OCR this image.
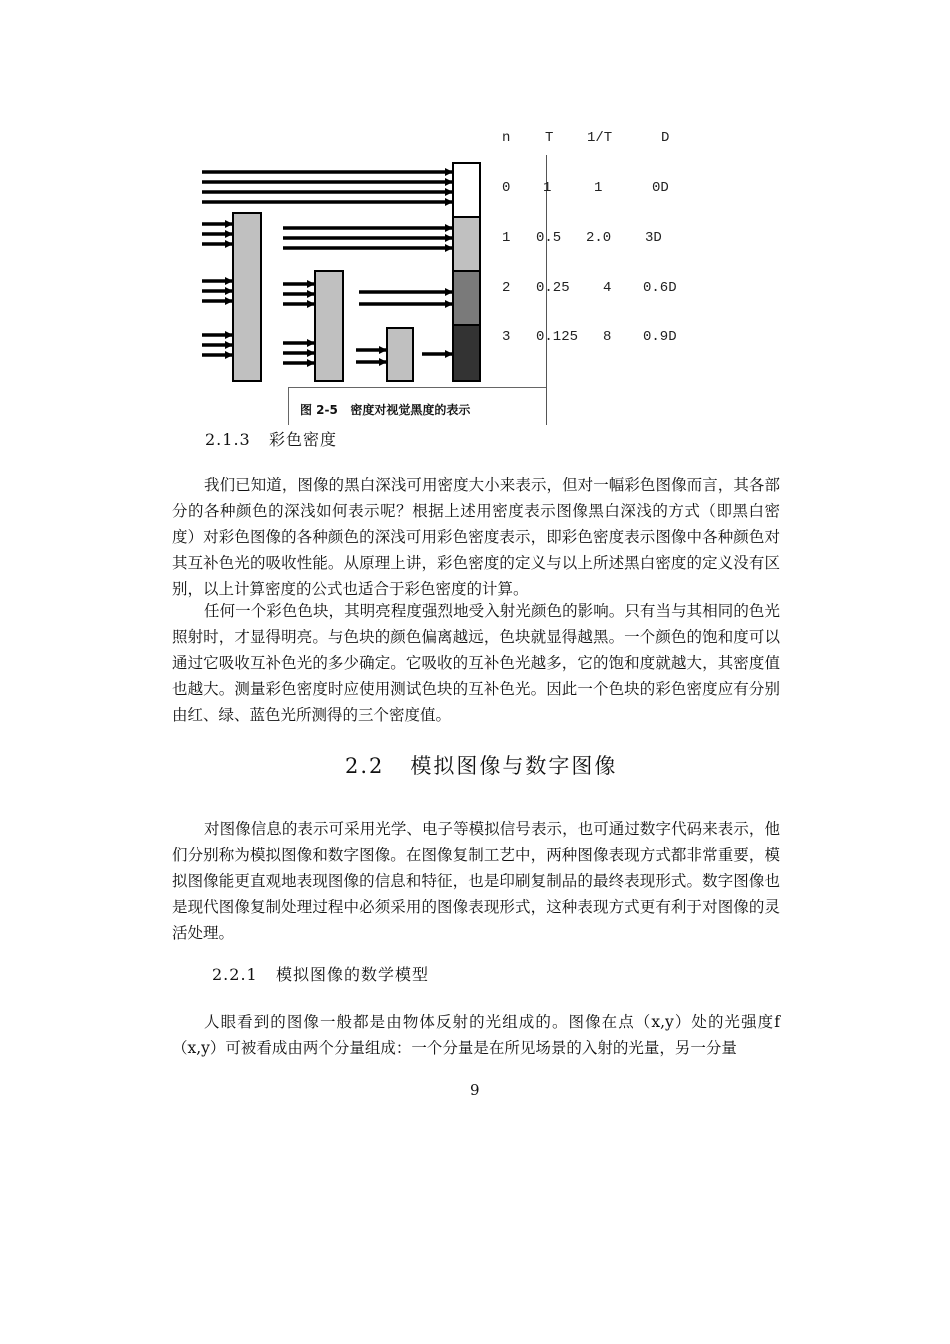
n T 1/T	D
0 1	1	0D
1 0.5 2.0 3D
2 0.25 4 0.6D
3 0.125 8 0.9D
图 2-5   密度对视觉黑度的表示
2.1.3   彩色密度

我们已知道，图像的黑白深浅可用密度大小来表示，但对一幅彩色图像而言，其各部分的各种颜色的深浅如何表示呢？根据上述用密度表示图像黑白深浅的方式（即黑白密度）对彩色图像的各种颜色的深浅可用彩色密度表示，即彩色密度表示图像中各种颜色对其互补色光的吸收性能。从原理上讲，彩色密度的定义与以上所述黑白密度的定义没有区别，以上计算密度的公式也适合于彩色密度的计算。

任何一个彩色色块，其明亮程度强烈地受入射光颜色的影响。只有当与其相同的色光照射时，才显得明亮。与色块的颜色偏离越远，色块就显得越黑。一个颜色的饱和度可以通过它吸收互补色光的多少确定。它吸收的互补色光越多，它的饱和度就越大，其密度值也越大。测量彩色密度时应使用测试色块的互补色光。因此一个色块的彩色密度应有分别由红、绿、蓝色光所测得的三个密度值。

2.2   模拟图像与数字图像

对图像信息的表示可采用光学、电子等模拟信号表示，也可通过数字代码来表示，他们分别称为模拟图像和数字图像。在图像复制工艺中，两种图像表现方式都非常重要，模拟图像能更直观地表现图像的信息和特征，也是印刷复制品的最终表现形式。数字图像也是现代图像复制处理过程中必须采用的图像表现形式，这种表现方式更有利于对图像的灵活处理。

2.2.1   模拟图像的数学模型

人眼看到的图像一般都是由物体反射的光组成的。图像在点（x,y）处的光强度f（x,y）可被看成由两个分量组成：一个分量是在所见场景的入射的光量，另一分量

9
